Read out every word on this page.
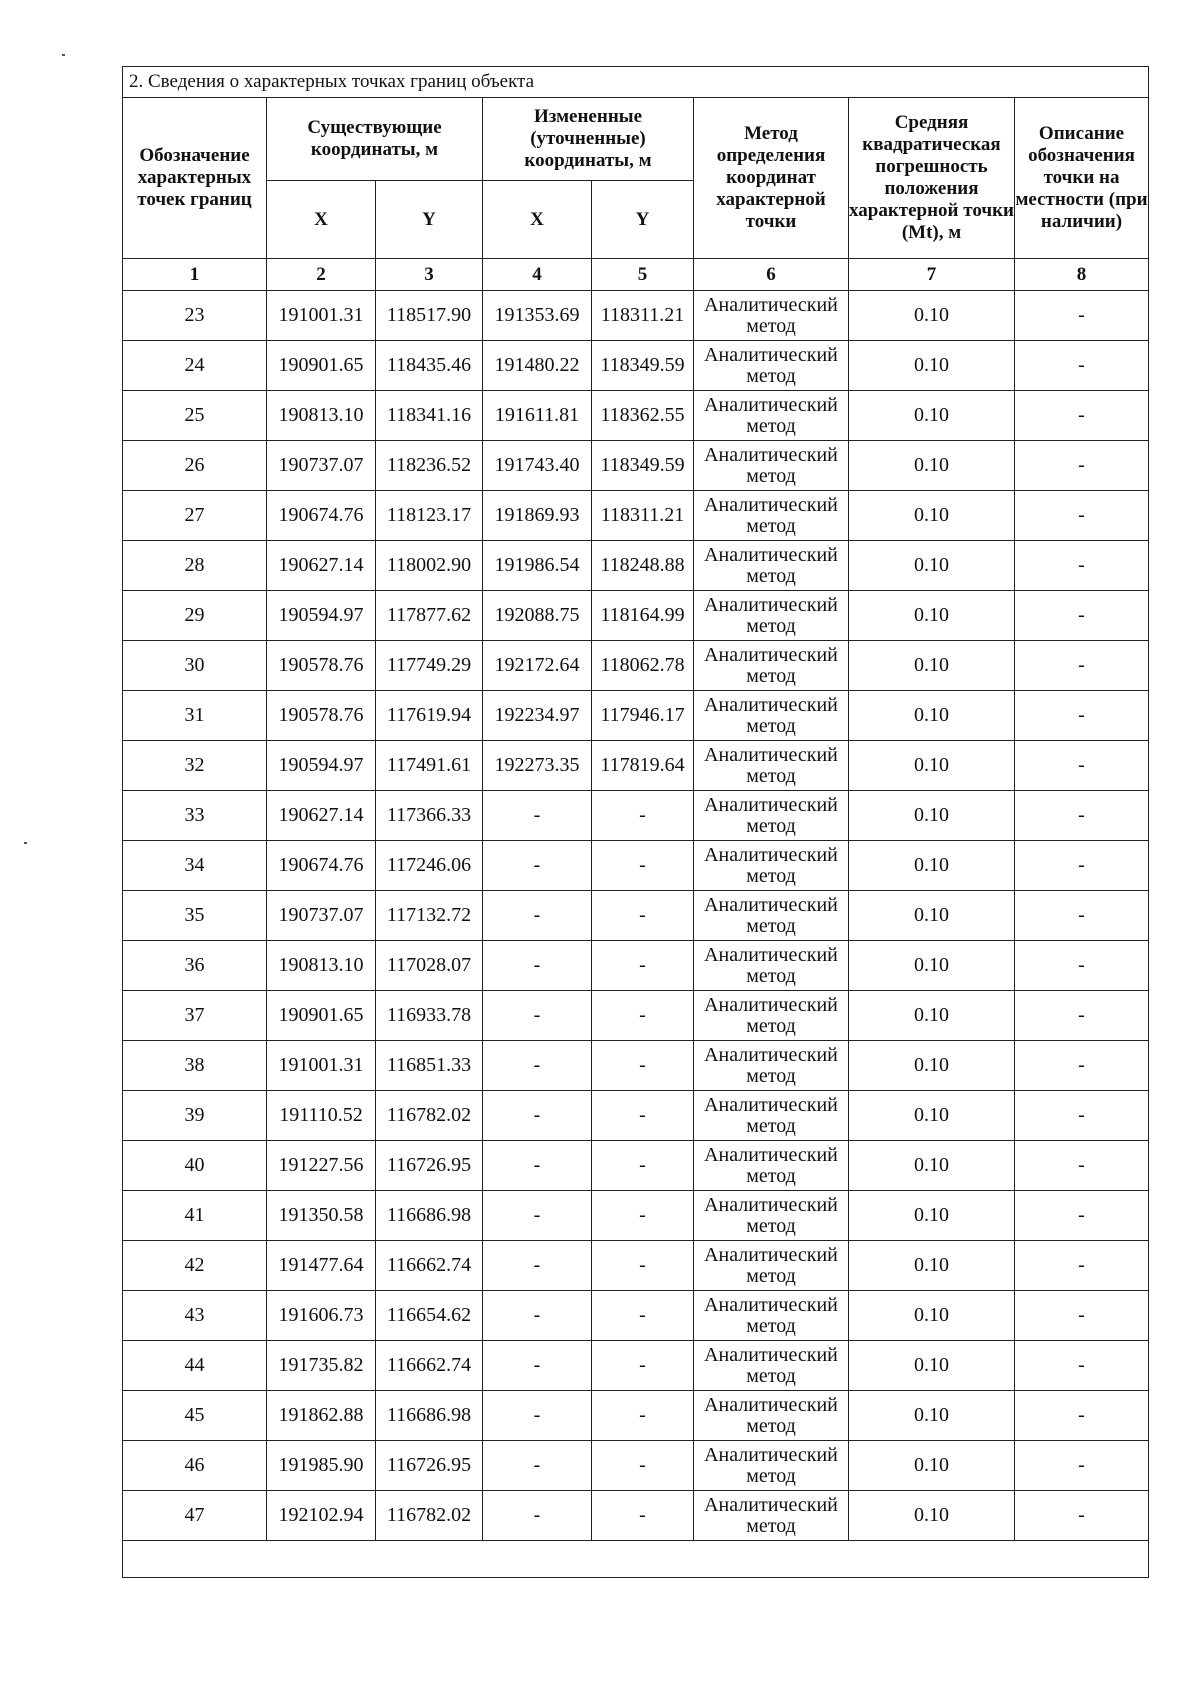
2. Сведения о характерных точках границ объекта							
Обозначение характерных точек границ	Существующие координаты, м		Измененные (уточненные) координаты, м		Метод определения координат характерной точки	Средняя квадратическая погрешность положения характерной точки (Mt), м	Описание обозначения точки на местности (при наличии)
	X	Y	X	Y			
1	2	3	4	5	6	7	8
23	191001.31	118517.90	191353.69	118311.21	Аналитический метод	0.10	-
24	190901.65	118435.46	191480.22	118349.59	Аналитический метод	0.10	-
25	190813.10	118341.16	191611.81	118362.55	Аналитический метод	0.10	-
26	190737.07	118236.52	191743.40	118349.59	Аналитический метод	0.10	-
27	190674.76	118123.17	191869.93	118311.21	Аналитический метод	0.10	-
28	190627.14	118002.90	191986.54	118248.88	Аналитический метод	0.10	-
29	190594.97	117877.62	192088.75	118164.99	Аналитический метод	0.10	-
30	190578.76	117749.29	192172.64	118062.78	Аналитический метод	0.10	-
31	190578.76	117619.94	192234.97	117946.17	Аналитический метод	0.10	-
32	190594.97	117491.61	192273.35	117819.64	Аналитический метод	0.10	-
33	190627.14	117366.33	-	-	Аналитический метод	0.10	-
34	190674.76	117246.06	-	-	Аналитический метод	0.10	-
35	190737.07	117132.72	-	-	Аналитический метод	0.10	-
36	190813.10	117028.07	-	-	Аналитический метод	0.10	-
37	190901.65	116933.78	-	-	Аналитический метод	0.10	-
38	191001.31	116851.33	-	-	Аналитический метод	0.10	-
39	191110.52	116782.02	-	-	Аналитический метод	0.10	-
40	191227.56	116726.95	-	-	Аналитический метод	0.10	-
41	191350.58	116686.98	-	-	Аналитический метод	0.10	-
42	191477.64	116662.74	-	-	Аналитический метод	0.10	-
43	191606.73	116654.62	-	-	Аналитический метод	0.10	-
44	191735.82	116662.74	-	-	Аналитический метод	0.10	-
45	191862.88	116686.98	-	-	Аналитический метод	0.10	-
46	191985.90	116726.95	-	-	Аналитический метод	0.10	-
47	192102.94	116782.02	-	-	Аналитический метод	0.10	-
